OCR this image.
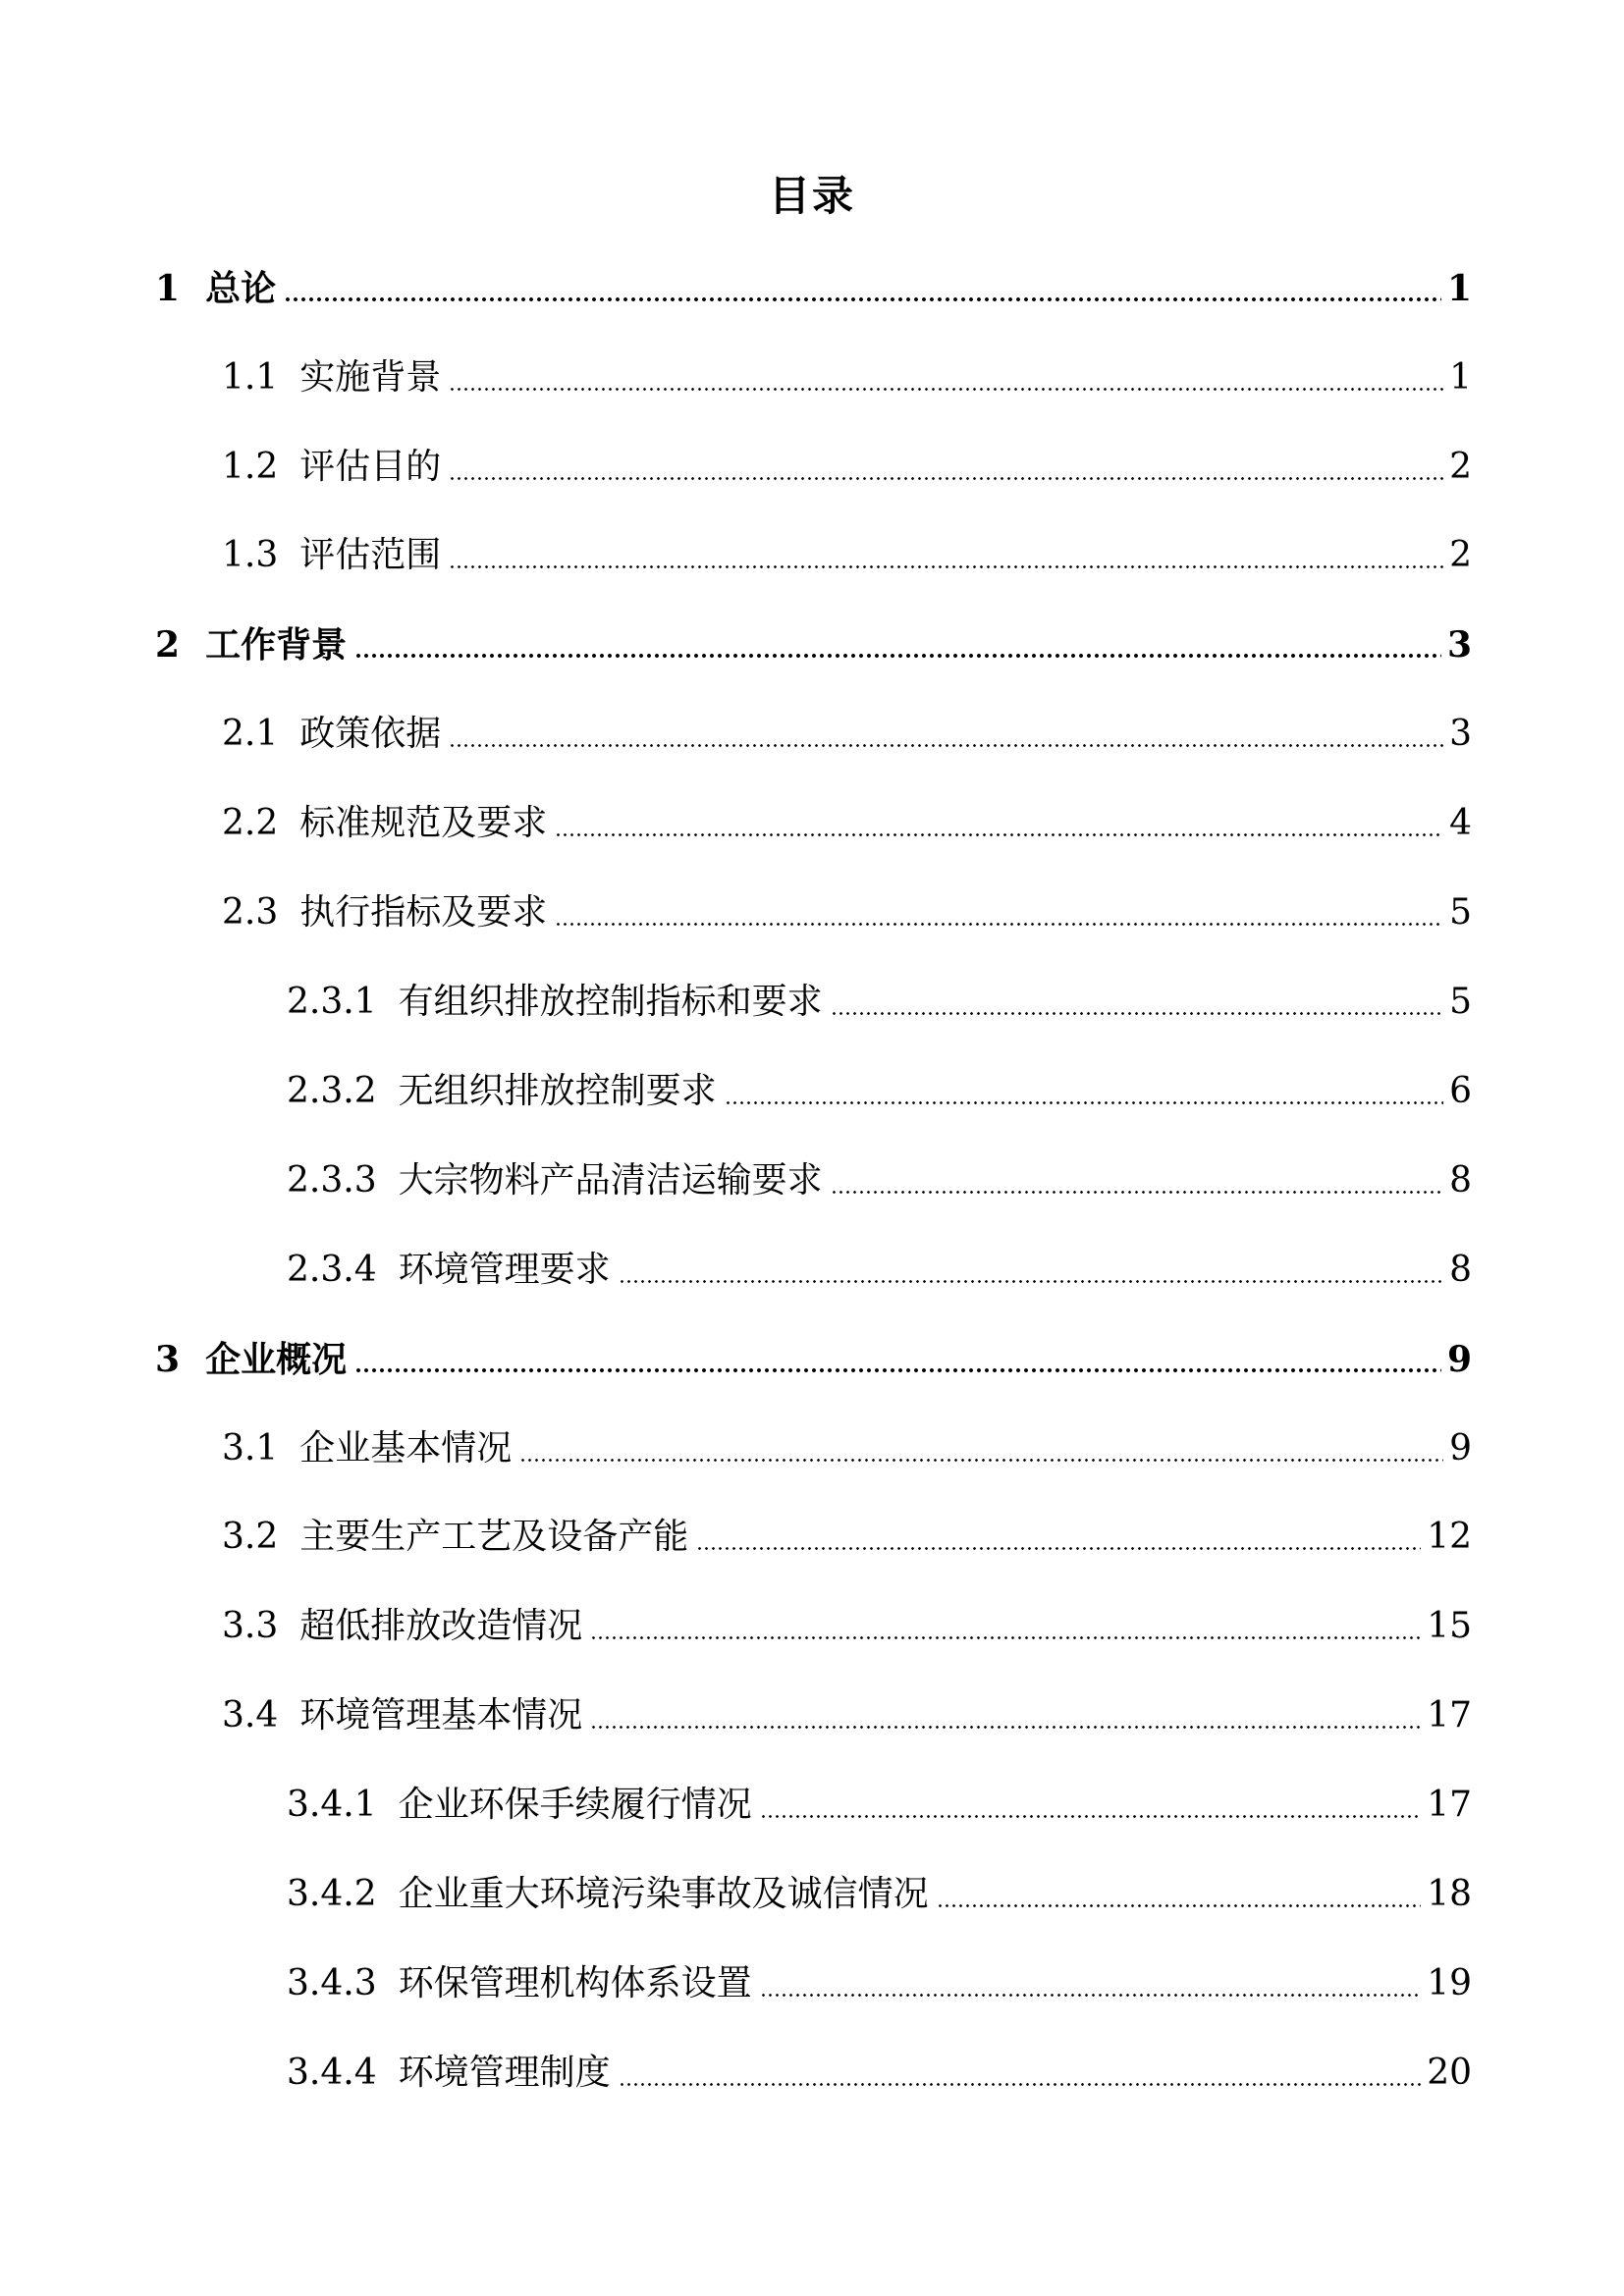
目录
1 总论	1
1.1 实施背景	1
1.2 评估目的	2
1.3 评估范围	2
2 工作背景	3
2.1 政策依据	3
2.2 标准规范及要求	4
2.3 执行指标及要求	5
2.3.1 有组织排放控制指标和要求	5
2.3.2 无组织排放控制要求	6
2.3.3 大宗物料产品清洁运输要求	8
2.3.4 环境管理要求	8
3 企业概况	9
3.1 企业基本情况	9
3.2 主要生产工艺及设备产能	12
3.3 超低排放改造情况	15
3.4 环境管理基本情况	17
3.4.1 企业环保手续履行情况	17
3.4.2 企业重大环境污染事故及诚信情况	18
3.4.3 环保管理机构体系设置	19
3.4.4 环境管理制度	20
